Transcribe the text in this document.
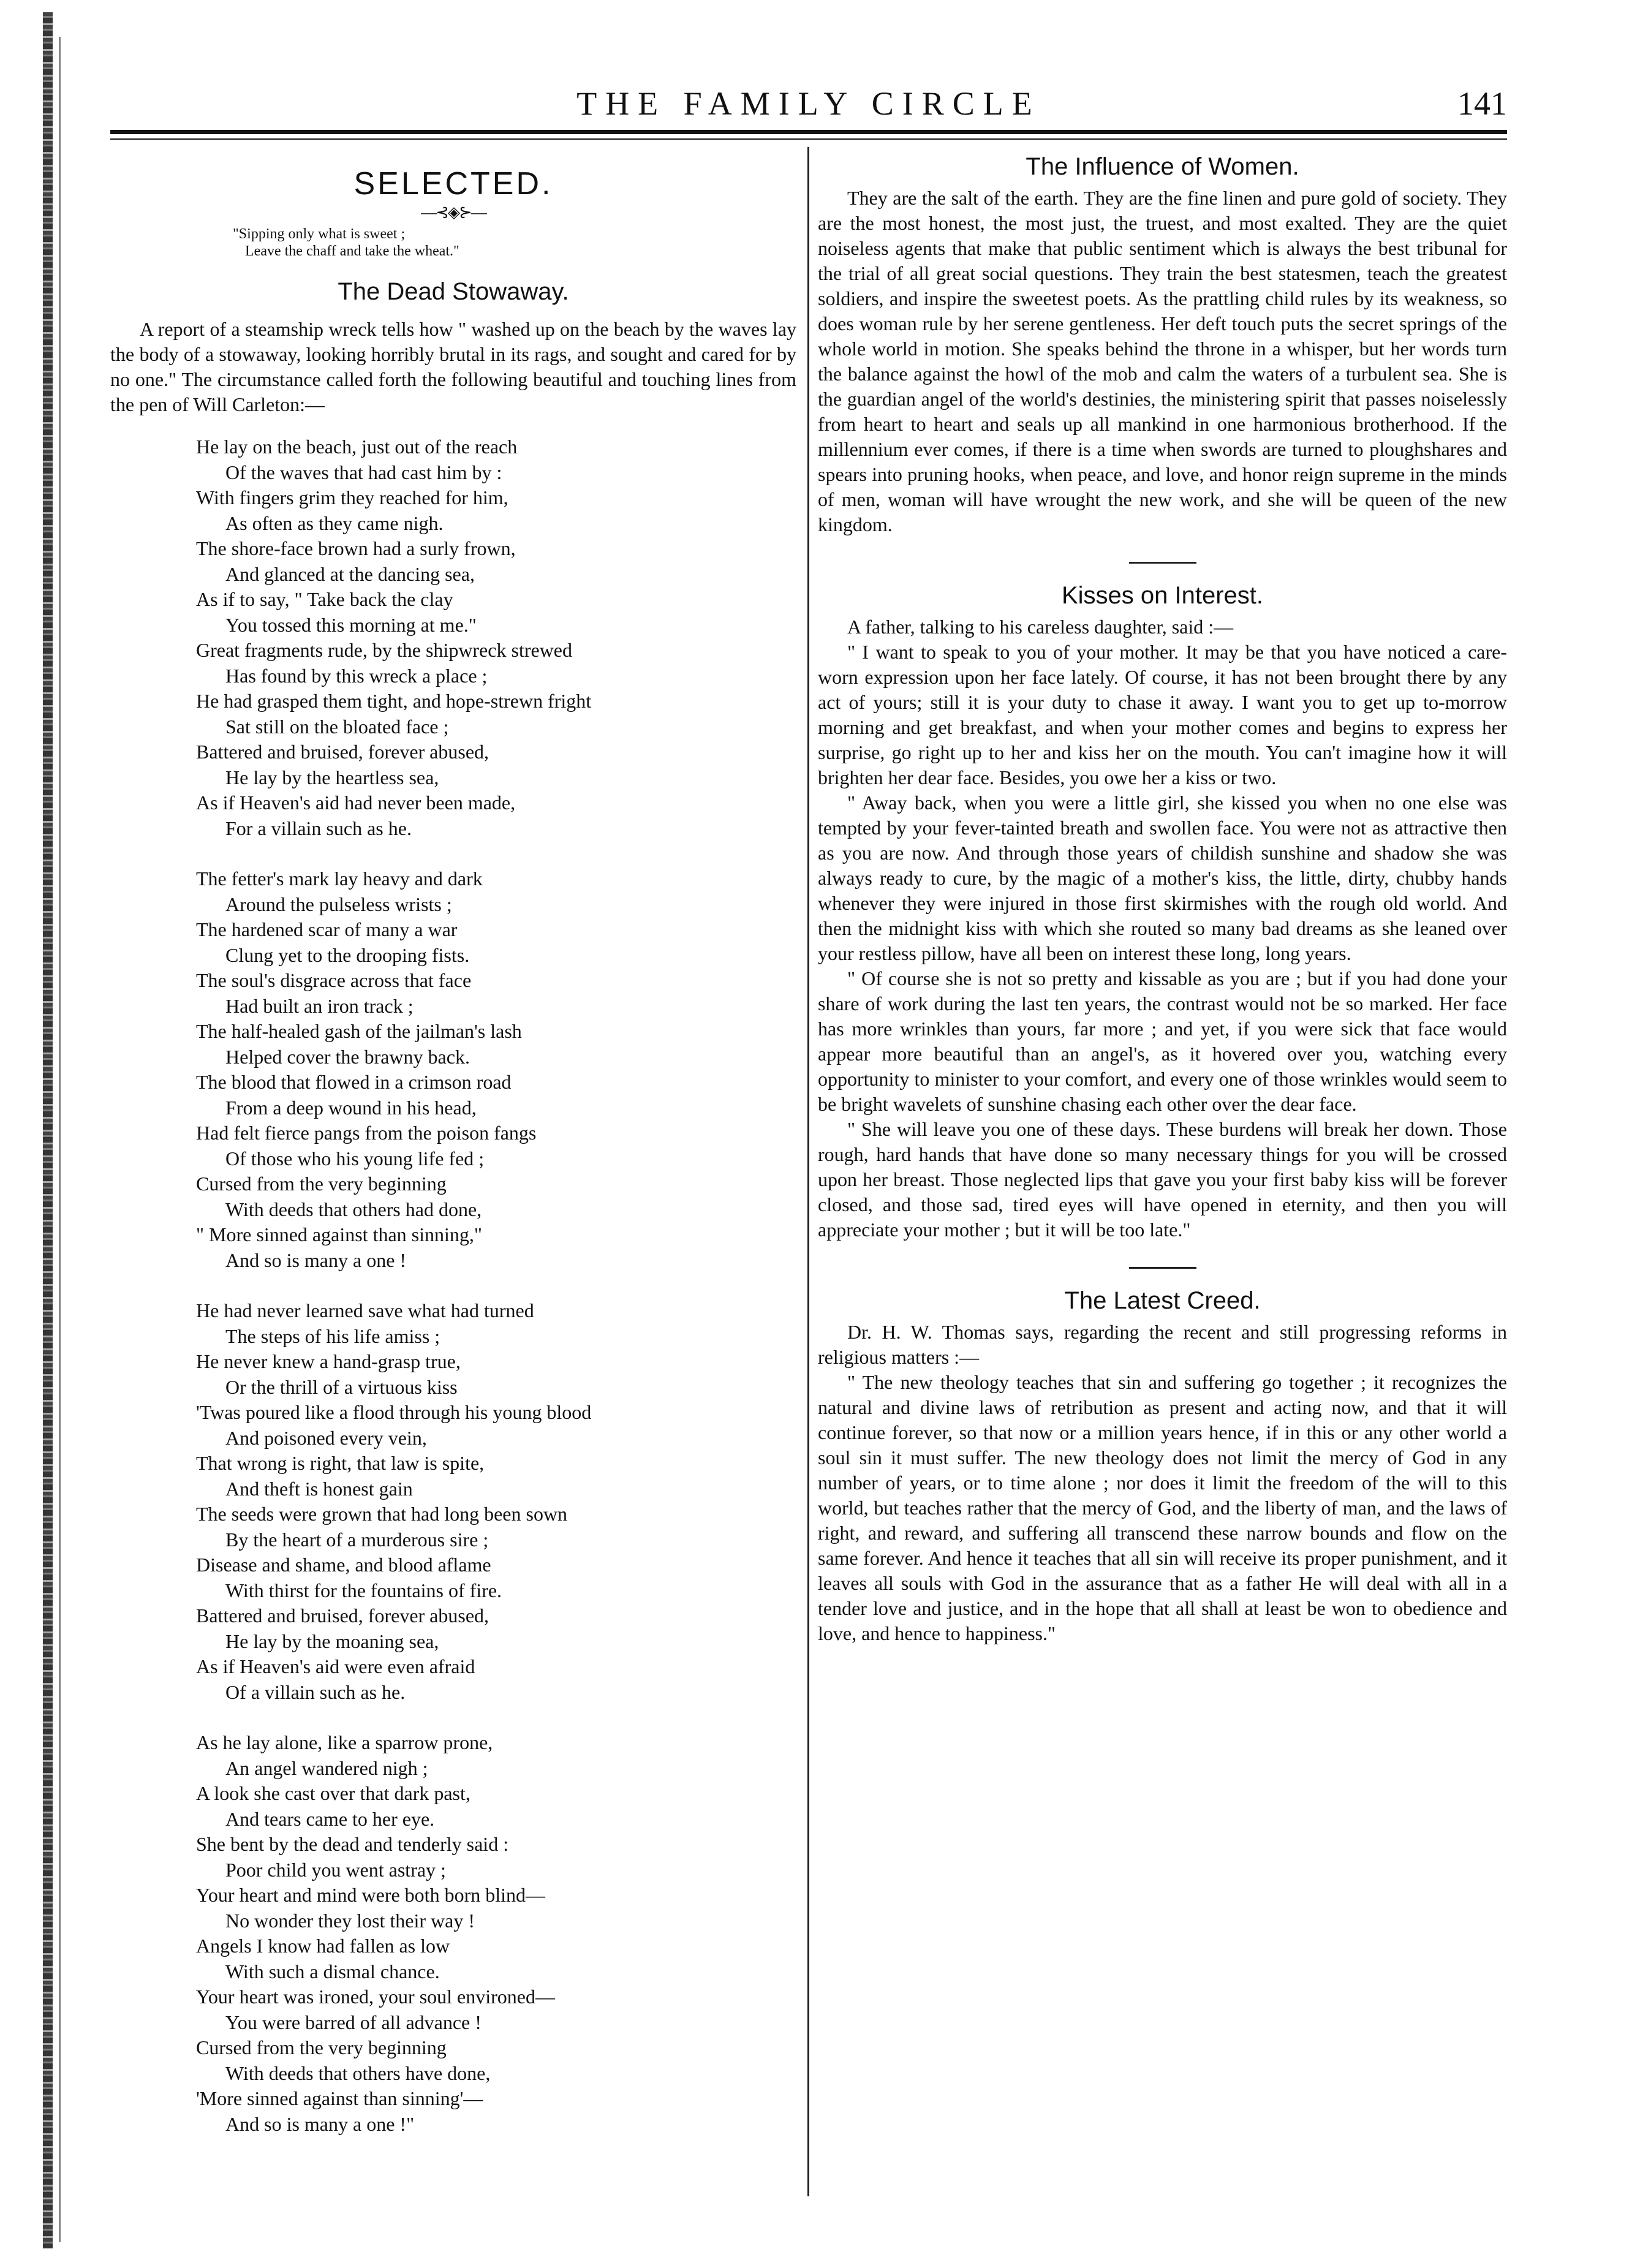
THE FAMILY CIRCLE	141
SELECTED.
—⊰◈⊱—
"Sipping only what is sweet ;
Leave the chaff and take the wheat."
The Dead Stowaway.

A report of a steamship wreck tells how " washed up on the beach by the waves lay the body of a stowaway, looking horribly brutal in its rags, and sought and cared for by no one." The circumstance called forth the following beautiful and touching lines from the pen of Will Carleton:—

He lay on the beach, just out of the reach
Of the waves that had cast him by :
With fingers grim they reached for him,
As often as they came nigh.
The shore-face brown had a surly frown,
And glanced at the dancing sea,
As if to say, " Take back the clay
You tossed this morning at me."
Great fragments rude, by the shipwreck strewed
Has found by this wreck a place ;
He had grasped them tight, and hope-strewn fright
Sat still on the bloated face ;
Battered and bruised, forever abused,
He lay by the heartless sea,
As if Heaven's aid had never been made,
For a villain such as he.
The fetter's mark lay heavy and dark
Around the pulseless wrists ;
The hardened scar of many a war
Clung yet to the drooping fists.
The soul's disgrace across that face
Had built an iron track ;
The half-healed gash of the jailman's lash
Helped cover the brawny back.
The blood that flowed in a crimson road
From a deep wound in his head,
Had felt fierce pangs from the poison fangs
Of those who his young life fed ;
Cursed from the very beginning
With deeds that others had done,
" More sinned against than sinning,"
And so is many a one !
He had never learned save what had turned
The steps of his life amiss ;
He never knew a hand-grasp true,
Or the thrill of a virtuous kiss
'Twas poured like a flood through his young blood
And poisoned every vein,
That wrong is right, that law is spite,
And theft is honest gain
The seeds were grown that had long been sown
By the heart of a murderous sire ;
Disease and shame, and blood aflame
With thirst for the fountains of fire.
Battered and bruised, forever abused,
He lay by the moaning sea,
As if Heaven's aid were even afraid
Of a villain such as he.
As he lay alone, like a sparrow prone,
An angel wandered nigh ;
A look she cast over that dark past,
And tears came to her eye.
She bent by the dead and tenderly said :
Poor child you went astray ;
Your heart and mind were both born blind—
No wonder they lost their way !
Angels I know had fallen as low
With such a dismal chance.
Your heart was ironed, your soul environed—
You were barred of all advance !
Cursed from the very beginning
With deeds that others have done,
'More sinned against than sinning'—
And so is many a one !"
The Influence of Women.

They are the salt of the earth. They are the fine linen and pure gold of society. They are the most honest, the most just, the truest, and most exalted. They are the quiet noiseless agents that make that public sentiment which is always the best tribunal for the trial of all great social questions. They train the best statesmen, teach the greatest soldiers, and inspire the sweetest poets. As the prattling child rules by its weakness, so does woman rule by her serene gentleness. Her deft touch puts the secret springs of the whole world in motion. She speaks behind the throne in a whisper, but her words turn the balance against the howl of the mob and calm the waters of a turbulent sea. She is the guardian angel of the world's destinies, the ministering spirit that passes noiselessly from heart to heart and seals up all mankind in one harmonious brotherhood. If the millennium ever comes, if there is a time when swords are turned to ploughshares and spears into pruning hooks, when peace, and love, and honor reign supreme in the minds of men, woman will have wrought the new work, and she will be queen of the new kingdom.

Kisses on Interest.

A father, talking to his careless daughter, said :—

" I want to speak to you of your mother. It may be that you have noticed a care-worn expression upon her face lately. Of course, it has not been brought there by any act of yours; still it is your duty to chase it away. I want you to get up to-morrow morning and get breakfast, and when your mother comes and begins to express her surprise, go right up to her and kiss her on the mouth. You can't imagine how it will brighten her dear face. Besides, you owe her a kiss or two.

" Away back, when you were a little girl, she kissed you when no one else was tempted by your fever-tainted breath and swollen face. You were not as attractive then as you are now. And through those years of childish sunshine and shadow she was always ready to cure, by the magic of a mother's kiss, the little, dirty, chubby hands whenever they were injured in those first skirmishes with the rough old world. And then the midnight kiss with which she routed so many bad dreams as she leaned over your restless pillow, have all been on interest these long, long years.

" Of course she is not so pretty and kissable as you are ; but if you had done your share of work during the last ten years, the contrast would not be so marked. Her face has more wrinkles than yours, far more ; and yet, if you were sick that face would appear more beautiful than an angel's, as it hovered over you, watching every opportunity to minister to your comfort, and every one of those wrinkles would seem to be bright wavelets of sunshine chasing each other over the dear face.

" She will leave you one of these days. These burdens will break her down. Those rough, hard hands that have done so many necessary things for you will be crossed upon her breast. Those neglected lips that gave you your first baby kiss will be forever closed, and those sad, tired eyes will have opened in eternity, and then you will appreciate your mother ; but it will be too late."

The Latest Creed.

Dr. H. W. Thomas says, regarding the recent and still progressing reforms in religious matters :—

" The new theology teaches that sin and suffering go together ; it recognizes the natural and divine laws of retribution as present and acting now, and that it will continue forever, so that now or a million years hence, if in this or any other world a soul sin it must suffer. The new theology does not limit the mercy of God in any number of years, or to time alone ; nor does it limit the freedom of the will to this world, but teaches rather that the mercy of God, and the liberty of man, and the laws of right, and reward, and suffering all transcend these narrow bounds and flow on the same forever. And hence it teaches that all sin will receive its proper punishment, and it leaves all souls with God in the assurance that as a father He will deal with all in a tender love and justice, and in the hope that all shall at least be won to obedience and love, and hence to happiness."
